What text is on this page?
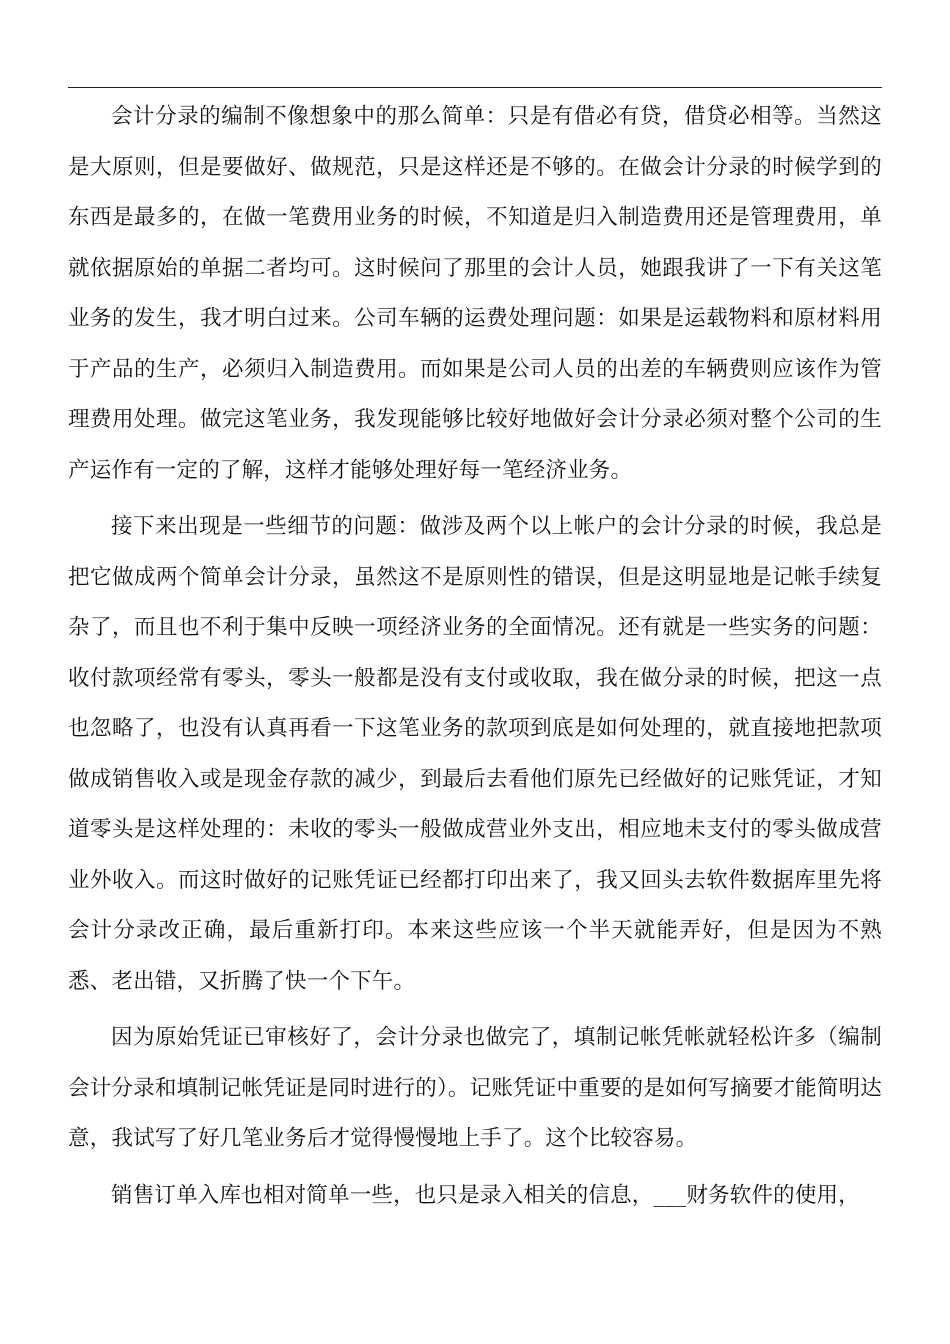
会计分录的编制不像想象中的那么简单：只是有借必有贷，借贷必相等。当然这是大原则，但是要做好、做规范，只是这样还是不够的。在做会计分录的时候学到的东西是最多的，在做一笔费用业务的时候，不知道是归入制造费用还是管理费用，单就依据原始的单据二者均可。这时候问了那里的会计人员，她跟我讲了一下有关这笔业务的发生，我才明白过来。公司车辆的运费处理问题：如果是运载物料和原材料用于产品的生产，必须归入制造费用。而如果是公司人员的出差的车辆费则应该作为管理费用处理。做完这笔业务，我发现能够比较好地做好会计分录必须对整个公司的生产运作有一定的了解，这样才能够处理好每一笔经济业务。

接下来出现是一些细节的问题：做涉及两个以上帐户的会计分录的时候，我总是把它做成两个简单会计分录，虽然这不是原则性的错误，但是这明显地是记帐手续复杂了，而且也不利于集中反映一项经济业务的全面情况。还有就是一些实务的问题：收付款项经常有零头，零头一般都是没有支付或收取，我在做分录的时候，把这一点也忽略了，也没有认真再看一下这笔业务的款项到底是如何处理的，就直接地把款项做成销售收入或是现金存款的减少，到最后去看他们原先已经做好的记账凭证，才知道零头是这样处理的：未收的零头一般做成营业外支出，相应地未支付的零头做成营业外收入。而这时做好的记账凭证已经都打印出来了，我又回头去软件数据库里先将会计分录改正确，最后重新打印。本来这些应该一个半天就能弄好，但是因为不熟悉、老出错，又折腾了快一个下午。

因为原始凭证已审核好了，会计分录也做完了，填制记帐凭帐就轻松许多（编制会计分录和填制记帐凭证是同时进行的）。记账凭证中重要的是如何写摘要才能简明达意，我试写了好几笔业务后才觉得慢慢地上手了。这个比较容易。

销售订单入库也相对简单一些，也只是录入相关的信息，___财务软件的使用，
